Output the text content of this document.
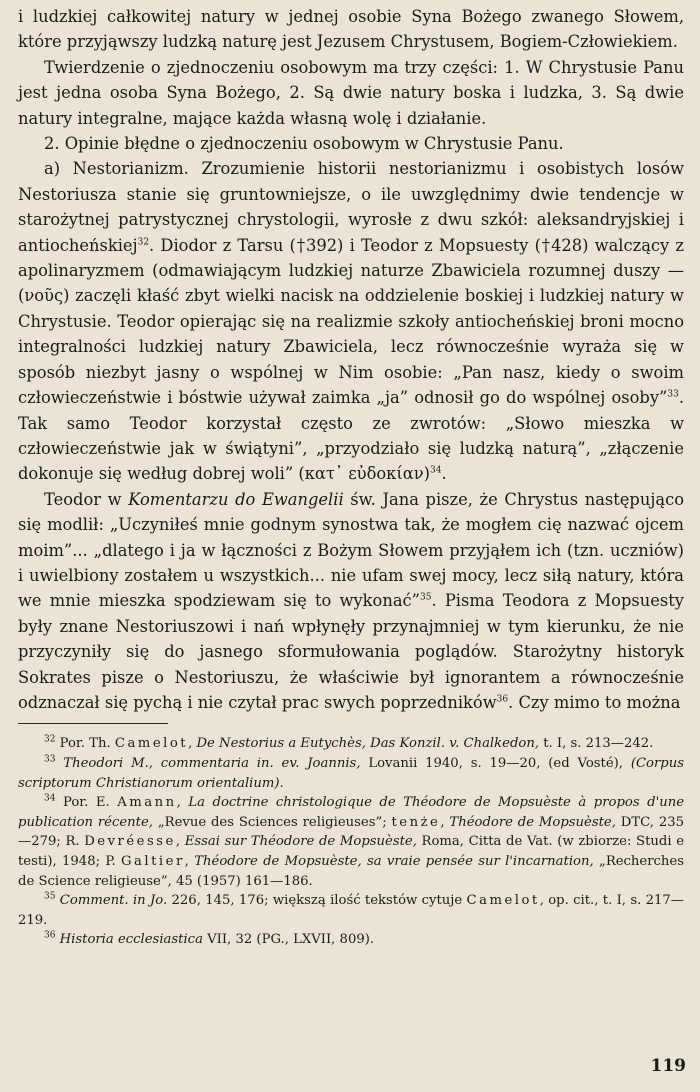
i ludzkiej całkowitej natury w jednej osobie Syna Bożego zwanego Słowem, które przyjąwszy ludzką naturę jest Jezusem Chrystusem, Bogiem-Człowiekiem.

Twierdzenie o zjednoczeniu osobowym ma trzy części: 1. W Chrystusie Panu jest jedna osoba Syna Bożego, 2. Są dwie natury boska i ludzka, 3. Są dwie natury integralne, mające każda własną wolę i działanie.

2. Opinie błędne o zjednoczeniu osobowym w Chrystusie Panu.

a) Nestorianizm. Zrozumienie historii nestorianizmu i osobistych losów Nestoriusza stanie się gruntowniejsze, o ile uwzględnimy dwie tendencje w starożytnej patrystycznej chrystologii, wyrosłe z dwu szkół: aleksandryjskiej i antiocheńskiej$^{32}$. Diodor z Tarsu (†392) i Teodor z Mopsuesty (†428) walczący z apolinaryzmem (odmawiającym ludzkiej naturze Zbawiciela rozumnej duszy — (νοῦς) zaczęli kłaść zbyt wielki nacisk na oddzielenie boskiej i ludzkiej natury w Chrystusie. Teodor opierając się na realizmie szkoły antiocheńskiej broni mocno integralności ludzkiej natury Zbawiciela, lecz równocześnie wyraża się w sposób niezbyt jasny o wspólnej w Nim osobie: „Pan nasz, kiedy o swoim człowieczeństwie i bóstwie używał zaimka „ja” odnosił go do wspólnej osoby”$^{33}$. Tak samo Teodor korzystał często ze zwrotów: „Słowo mieszka w człowieczeństwie jak w świątyni”, „przyodziało się ludzką naturą”, „złączenie dokonuje się według dobrej woli” (κατ᾽ εὐδοκίαν)$^{34}$.

Teodor w Komentarzu do Ewangelii św. Jana pisze, że Chrystus następująco się modlił: „Uczyniłeś mnie godnym synostwa tak, że mogłem cię nazwać ojcem moim”... „dlatego i ja w łączności z Bożym Słowem przyjąłem ich (tzn. uczniów) i uwielbiony zostałem u wszystkich... nie ufam swej mocy, lecz siłą natury, która we mnie mieszka spodziewam się to wykonać”$^{35}$. Pisma Teodora z Mopsuesty były znane Nestoriuszowi i nań wpłynęły przynajmniej w tym kierunku, że nie przyczyniły się do jasnego sformułowania poglądów. Starożytny historyk Sokrates pisze o Nestoriuszu, że właściwie był ignorantem a równocześnie odznaczał się pychą i nie czytał prac swych poprzedników$^{36}$. Czy mimo to można

$^{32}$ Por. Th. Camelot, De Nestorius a Eutychès, Das Konzil. v. Chalkedon, t. I, s. 213—242.

$^{33}$ Theodori M., commentaria in. ev. Joannis, Lovanii 1940, s. 19—20, (ed Vosté), (Corpus scriptorum Christianorum orientalium).

$^{34}$ Por. E. Amann, La doctrine christologique de Théodore de Mopsuèste à propos d'une publication récente, „Revue des Sciences religieuses”; tenże, Théodore de Mopsuèste, DTC, 235—279; R. Devréesse, Essai sur Théodore de Mopsuèste, Roma, Citta de Vat. (w zbiorze: Studi e testi), 1948; P. Galtier, Théodore de Mopsuèste, sa vraie pensée sur l'incarnation, „Recherches de Science religieuse”, 45 (1957) 161—186.

$^{35}$ Comment. in Jo. 226, 145, 176; większą ilość tekstów cytuje Camelot, op. cit., t. I, s. 217—219.

$^{36}$ Historia ecclesiastica VII, 32 (PG., LXVII, 809).

119
